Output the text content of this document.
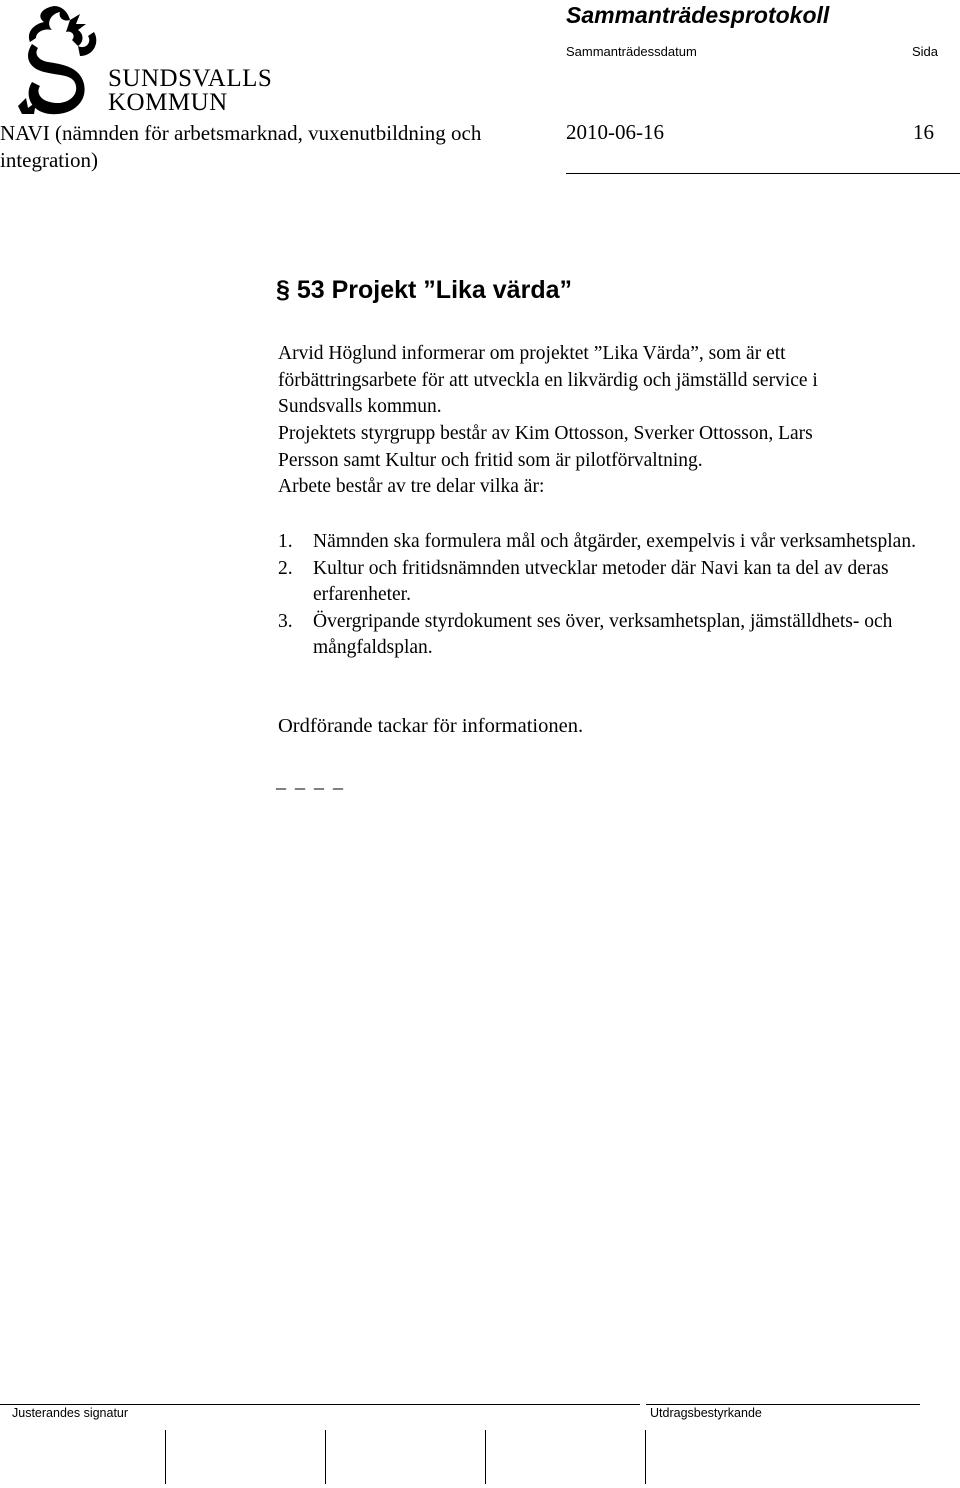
SUNDSVALLS
KOMMUN
Sammanträdesprotokoll
Sammanträdessdatum	Sida
NAVI (nämnden för arbetsmarknad, vuxenutbildning och integration)
2010-06-16	16
§ 53 Projekt ”Lika värda”
Arvid Höglund informerar om projektet ”Lika Värda”, som är ett
förbättringsarbete för att utveckla en likvärdig och jämställd service i
Sundsvalls kommun.
Projektets styrgrupp består av Kim Ottosson, Sverker Ottosson, Lars
Persson samt Kultur och fritid som är pilotförvaltning.
Arbete består av tre delar vilka är:
1. Nämnden ska formulera mål och åtgärder, exempelvis i vår verksamhetsplan.
2. Kultur och fritidsnämnden utvecklar metoder där Navi kan ta del av deras erfarenheter.
3. Övergripande styrdokument ses över, verksamhetsplan, jämställdhets- och mångfaldsplan.
Ordförande tackar för informationen.
_ _ _ _
Justerandes signatur	Utdragsbestyrkande
